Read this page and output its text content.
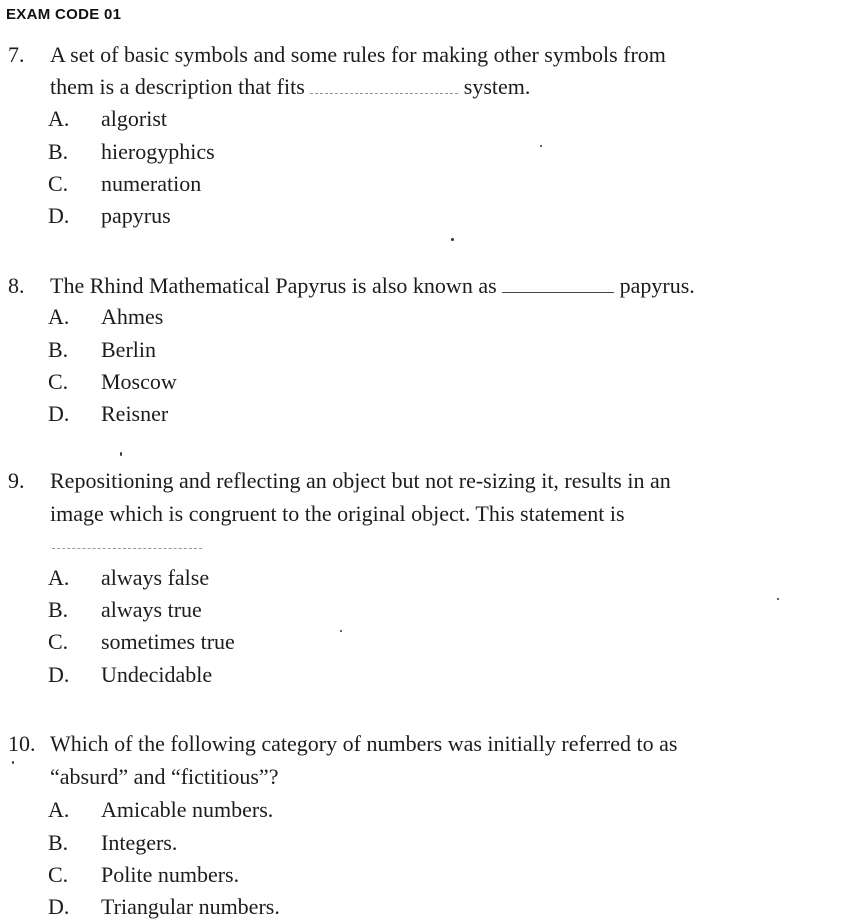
EXAM CODE 01
7. A set of basic symbols and some rules for making other symbols from
them is a description that fits	system.
A. algorist
B. hierogyphics
C. numeration
D. papyrus
8. The Rhind Mathematical Papyrus is also known as	papyrus.
A. Ahmes
B. Berlin
C. Moscow
D. Reisner
9. Repositioning and reflecting an object but not re-sizing it, results in an
image which is congruent to the original object. This statement is
A. always false
B. always true
C. sometimes true
D. Undecidable
10. Which of the following category of numbers was initially referred to as
“absurd” and “fictitious”?
A. Amicable numbers.
B. Integers.
C. Polite numbers.
D. Triangular numbers.
